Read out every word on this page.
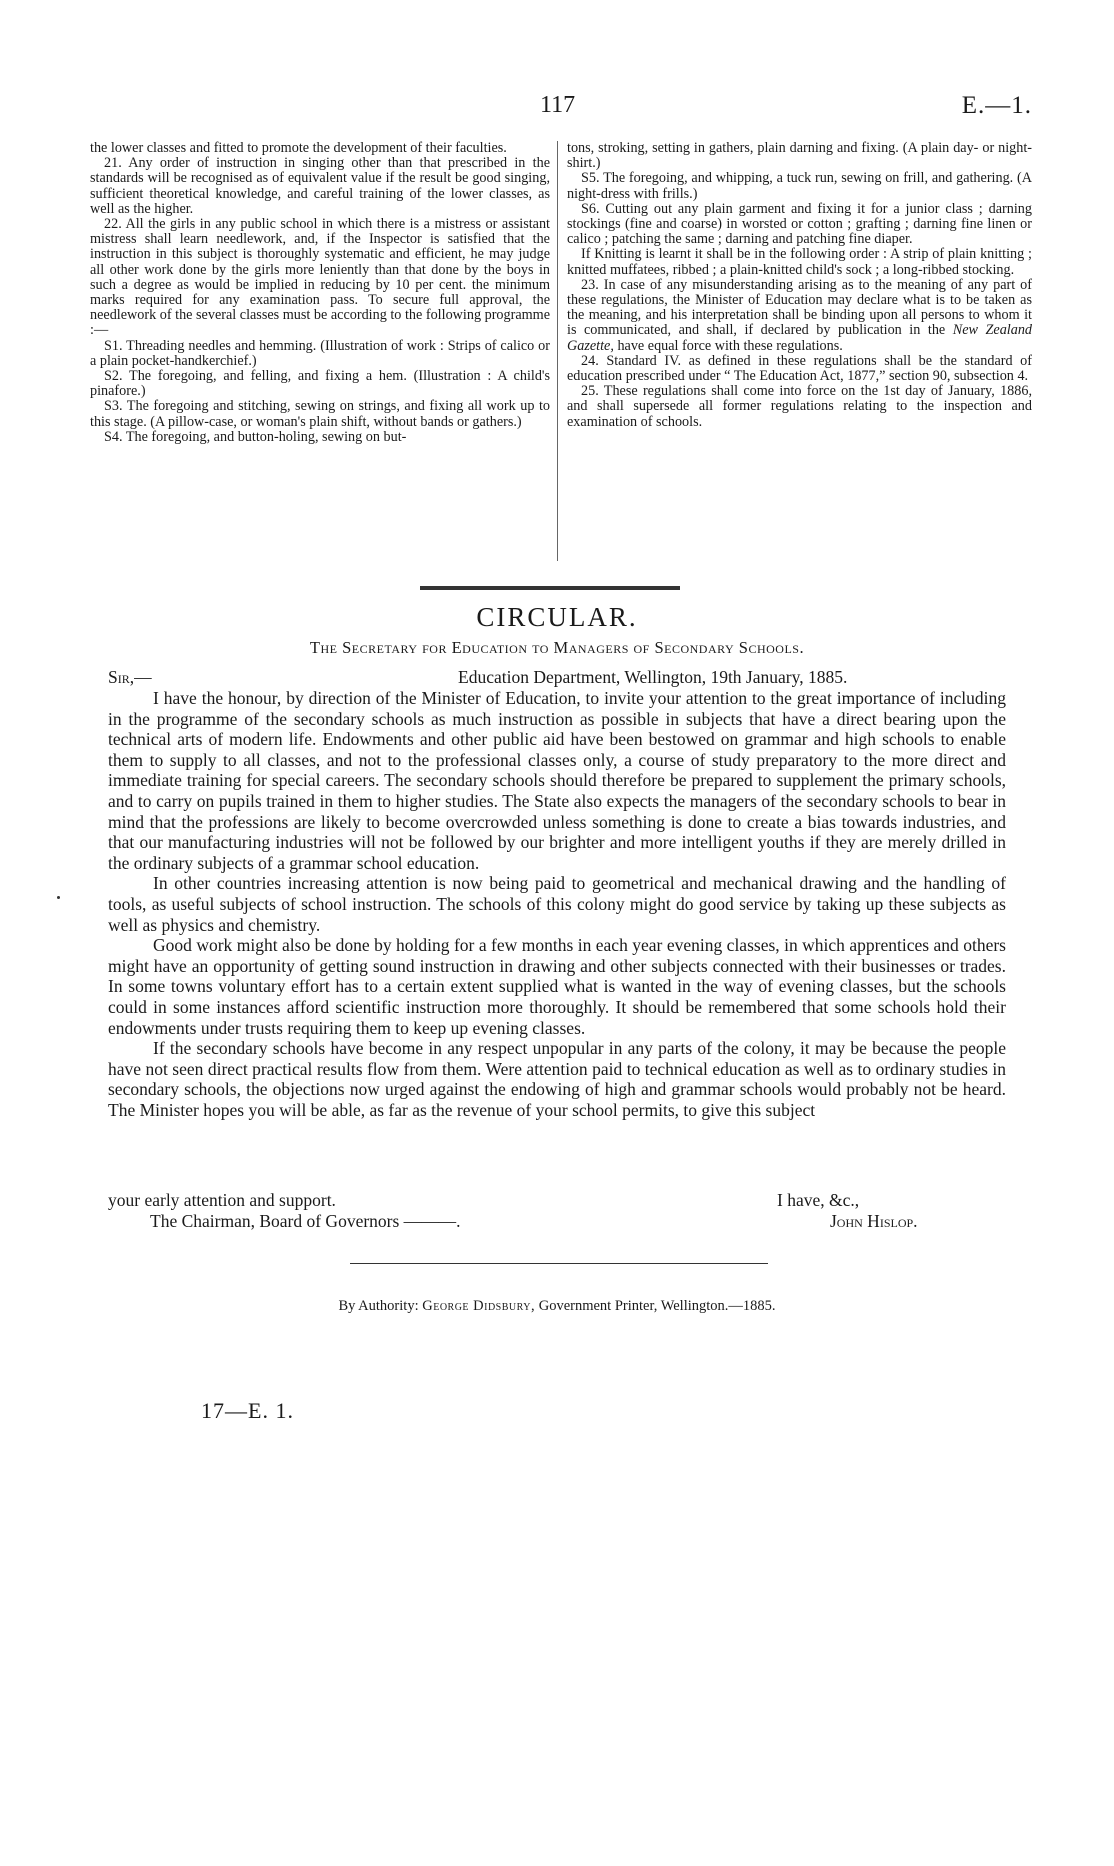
117	E.—1.

the lower classes and fitted to promote the development of their faculties.

21. Any order of instruction in singing other than that prescribed in the standards will be recognised as of equivalent value if the result be good singing, sufficient theoretical knowledge, and careful training of the lower classes, as well as the higher.

22. All the girls in any public school in which there is a mistress or assistant mistress shall learn needlework, and, if the Inspector is satisfied that the instruction in this subject is thoroughly systematic and efficient, he may judge all other work done by the girls more leniently than that done by the boys in such a degree as would be implied in reducing by 10 per cent. the minimum marks required for any examination pass. To secure full approval, the needlework of the several classes must be according to the following programme :—

S1. Threading needles and hemming. (Illustration of work : Strips of calico or a plain pocket-handkerchief.)

S2. The foregoing, and felling, and fixing a hem. (Illustration : A child's pinafore.)

S3. The foregoing and stitching, sewing on strings, and fixing all work up to this stage. (A pillow-case, or woman's plain shift, without bands or gathers.)

S4. The foregoing, and button-holing, sewing on but-

tons, stroking, setting in gathers, plain darning and fixing. (A plain day- or night-shirt.)

S5. The foregoing, and whipping, a tuck run, sewing on frill, and gathering. (A night-dress with frills.)

S6. Cutting out any plain garment and fixing it for a junior class ; darning stockings (fine and coarse) in worsted or cotton ; grafting ; darning fine linen or calico ; patching the same ; darning and patching fine diaper.

If Knitting is learnt it shall be in the following order : A strip of plain knitting ; knitted muffatees, ribbed ; a plain-knitted child's sock ; a long-ribbed stocking.

23. In case of any misunderstanding arising as to the meaning of any part of these regulations, the Minister of Education may declare what is to be taken as the meaning, and his interpretation shall be binding upon all persons to whom it is communicated, and shall, if declared by publication in the New Zealand Gazette, have equal force with these regulations.

24. Standard IV. as defined in these regulations shall be the standard of education prescribed under “ The Education Act, 1877,” section 90, subsection 4.

25. These regulations shall come into force on the 1st day of January, 1886, and shall supersede all former regulations relating to the inspection and examination of schools.

CIRCULAR.
The Secretary for Education to Managers of Secondary Schools.
Sir,—	Education Department, Wellington, 19th January, 1885.

I have the honour, by direction of the Minister of Education, to invite your attention to the great importance of including in the programme of the secondary schools as much instruction as possible in subjects that have a direct bearing upon the technical arts of modern life. Endowments and other public aid have been bestowed on grammar and high schools to enable them to supply to all classes, and not to the professional classes only, a course of study preparatory to the more direct and immediate training for special careers. The secondary schools should therefore be prepared to supplement the primary schools, and to carry on pupils trained in them to higher studies. The State also expects the managers of the secondary schools to bear in mind that the professions are likely to become overcrowded unless something is done to create a bias towards industries, and that our manufacturing industries will not be followed by our brighter and more intelligent youths if they are merely drilled in the ordinary subjects of a grammar school education.

In other countries increasing attention is now being paid to geometrical and mechanical drawing and the handling of tools, as useful subjects of school instruction. The schools of this colony might do good service by taking up these subjects as well as physics and chemistry.

Good work might also be done by holding for a few months in each year evening classes, in which apprentices and others might have an opportunity of getting sound instruction in drawing and other subjects connected with their businesses or trades. In some towns voluntary effort has to a certain extent supplied what is wanted in the way of evening classes, but the schools could in some instances afford scientific instruction more thoroughly. It should be remembered that some schools hold their endowments under trusts requiring them to keep up evening classes.

If the secondary schools have become in any respect unpopular in any parts of the colony, it may be because the people have not seen direct practical results flow from them. Were attention paid to technical education as well as to ordinary studies in secondary schools, the objections now urged against the endowing of high and grammar schools would probably not be heard. The Minister hopes you will be able, as far as the revenue of your school permits, to give this subject

your early attention and support.	I have, &c.,
The Chairman, Board of Governors ———.	John Hislop.
By Authority: George Didsbury, Government Printer, Wellington.—1885.
17—E. 1.
